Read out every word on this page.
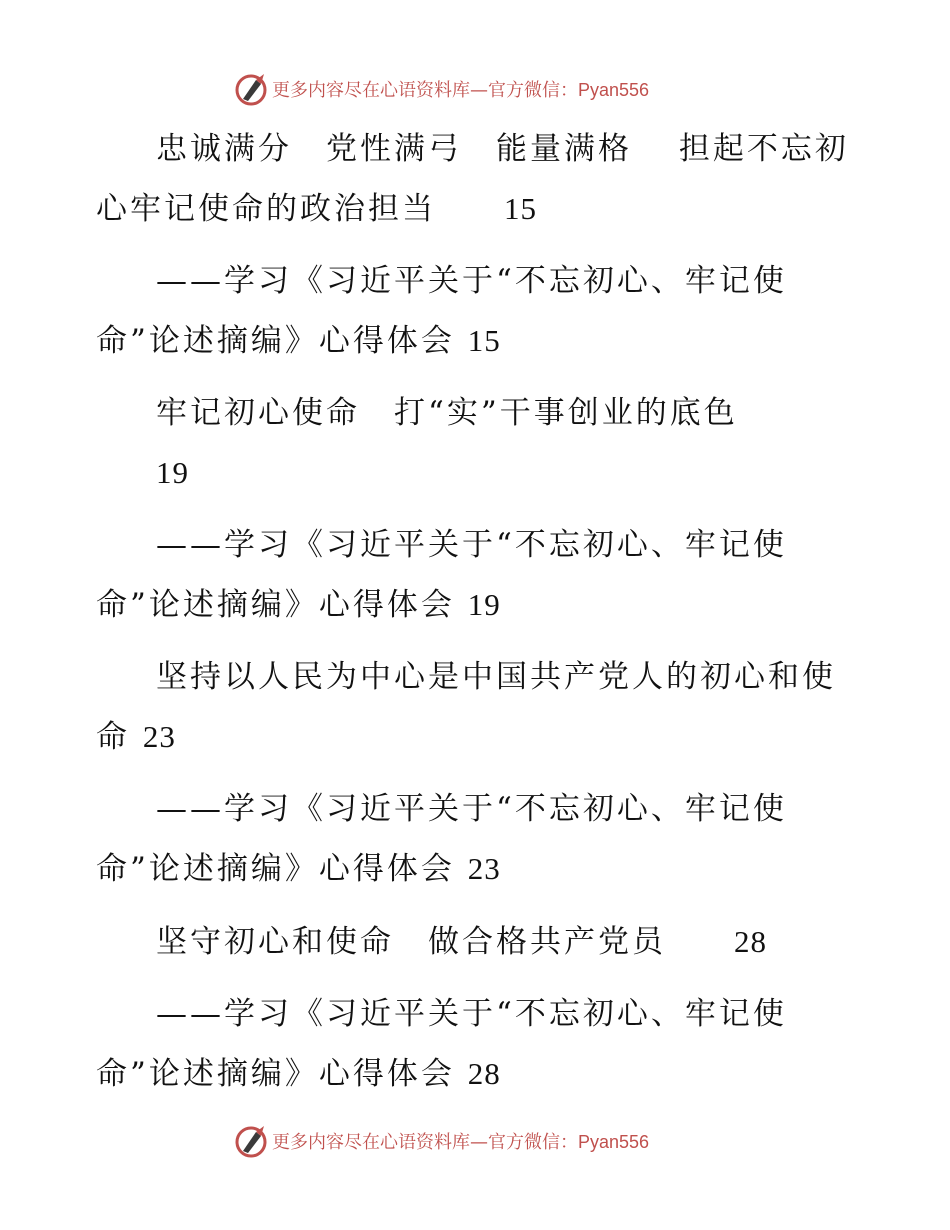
更多内容尽在心语资料库—官方微信：Pyan556
忠诚满分　党性满弓　能量满格　 担起不忘初
心牢记使命的政治担当　　15
——学习《习近平关于“不忘初心、牢记使
命”论述摘编》心得体会 15
牢记初心使命　打“实”干事创业的底色
19
——学习《习近平关于“不忘初心、牢记使
命”论述摘编》心得体会 19
坚持以人民为中心是中国共产党人的初心和使
命 23
——学习《习近平关于“不忘初心、牢记使
命”论述摘编》心得体会 23
坚守初心和使命　做合格共产党员　　28
——学习《习近平关于“不忘初心、牢记使
命”论述摘编》心得体会 28
更多内容尽在心语资料库—官方微信：Pyan556
